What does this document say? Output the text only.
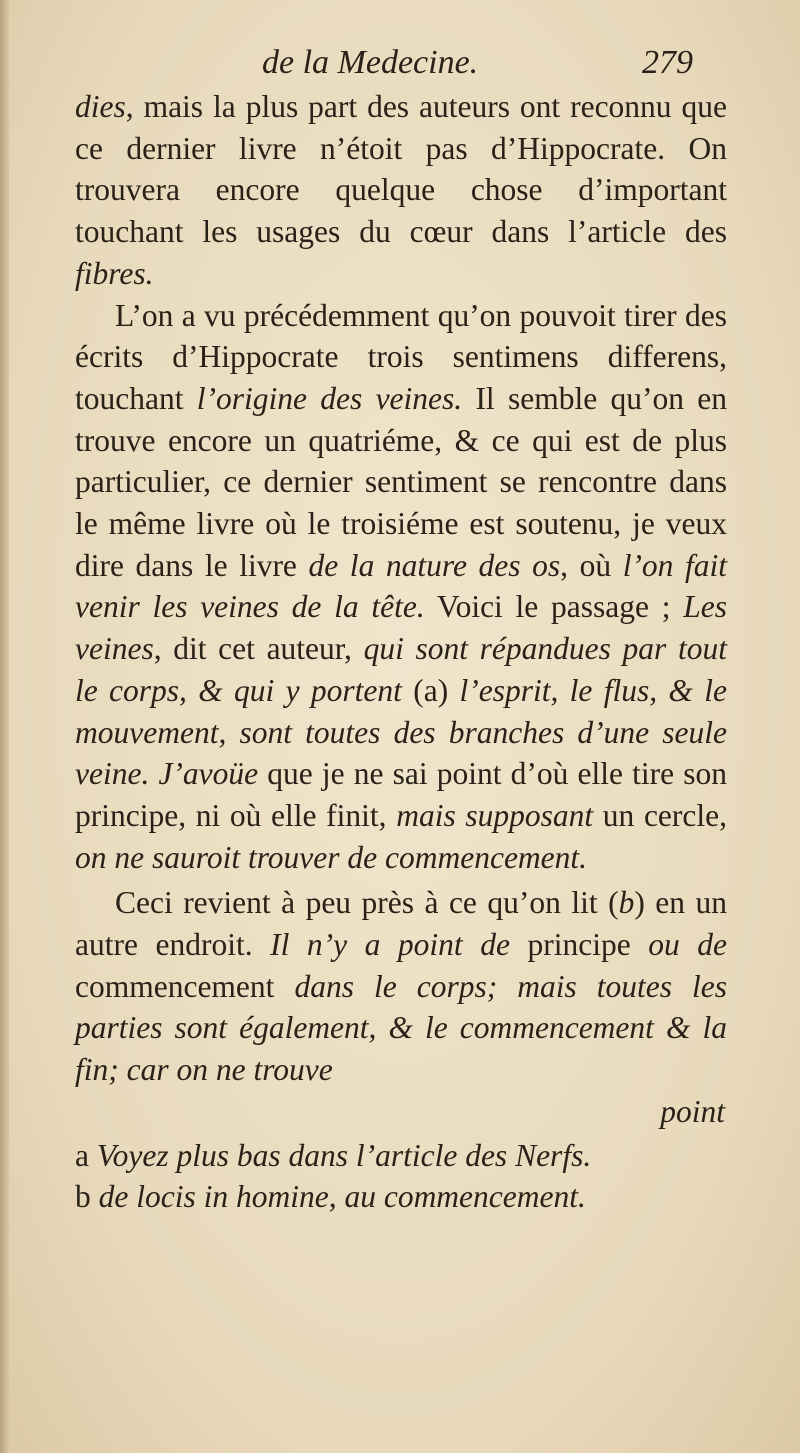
de la Medecine.	279

dies, mais la plus part des auteurs ont reconnu que ce dernier livre n’étoit pas d’Hippocrate. On trouvera encore quelque chose d’important touchant les usages du cœur dans l’article des fibres.

L’on a vu précédemment qu’on pouvoit tirer des écrits d’Hippocrate trois sentimens differens, touchant l’origine des veines. Il semble qu’on en trouve encore un quatriéme, & ce qui est de plus particulier, ce dernier sentiment se rencontre dans le même livre où le troisiéme est soutenu, je veux dire dans le livre de la nature des os, où l’on fait venir les veines de la tête. Voici le passage ; Les veines, dit cet auteur, qui sont répandues par tout le corps, & qui y portent (a) l’esprit, le flus, & le mouvement, sont toutes des branches d’une seule veine. J’avoüe que je ne sai point d’où elle tire son principe, ni où elle finit, mais supposant un cercle, on ne sauroit trouver de commencement.

Ceci revient à peu près à ce qu’on lit (b) en un autre endroit. Il n’y a point de principe ou de commencement dans le corps; mais toutes les parties sont également, & le commencement & la fin; car on ne trouve

point

a Voyez plus bas dans l’article des Nerfs.

b de locis in homine, au commencement.
